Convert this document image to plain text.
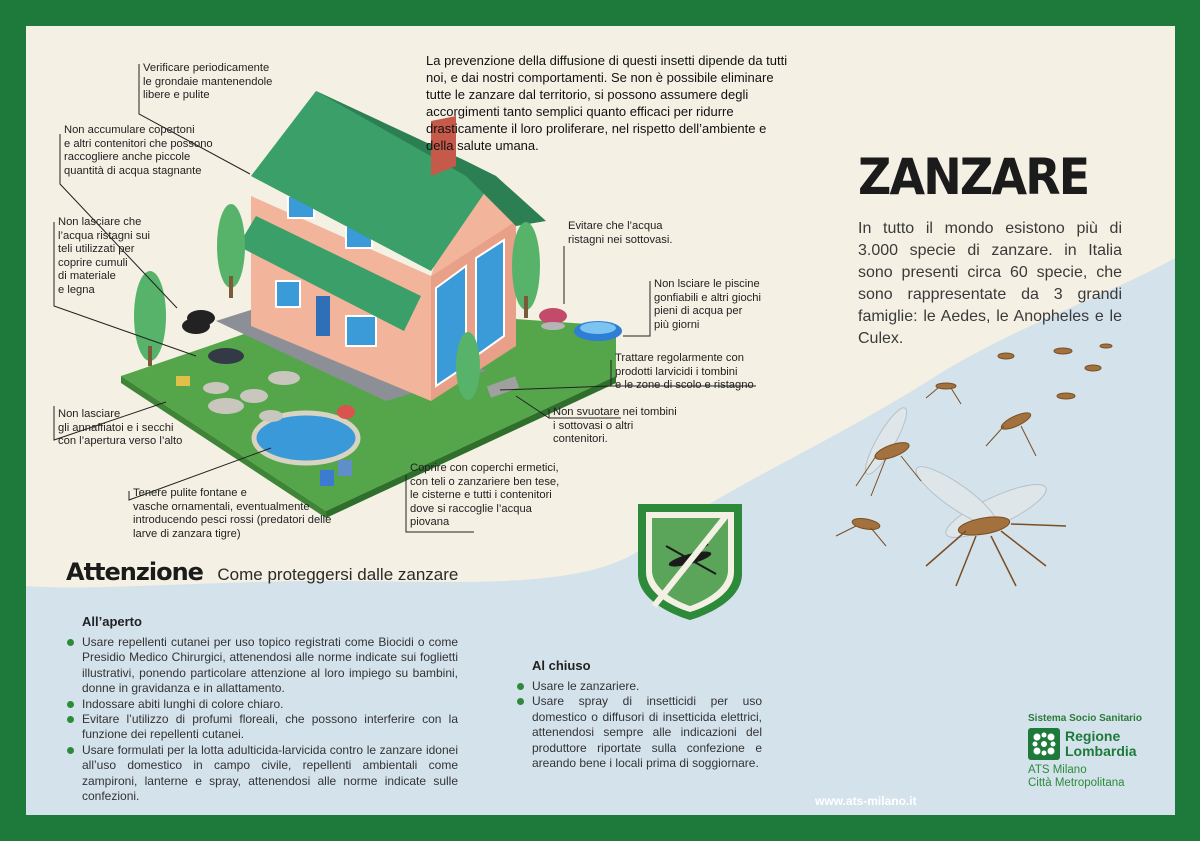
Verificare periodicamente
le grondaie mantenendole
libere e pulite
Non accumulare copertoni
e altri contenitori che possono
raccogliere anche piccole
quantità di acqua stagnante
Non lasciare che
l’acqua ristagni sui
teli utilizzati per
coprire cumuli
di materiale
e legna
Non lasciare
gli annaffiatoi e i secchi
con l’apertura verso l’alto
Tenere pulite fontane e
vasche ornamentali, eventualmente
introducendo pesci rossi (predatori delle
larve di zanzara tigre)
Evitare che l’acqua
ristagni nei sottovasi.
Non lsciare le piscine
gonfiabili e altri giochi
pieni di acqua per
più giorni
Trattare regolarmente con
prodotti larvicidi i tombini
e le zone di scolo e ristagno
Non svuotare nei tombini
i sottovasi o altri
contenitori.
Coprire con coperchi ermetici,
con teli o zanzariere ben tese,
le cisterne e tutti i contenitori
dove si raccoglie l’acqua
piovana
La prevenzione della diffusione di questi insetti dipende da tutti noi, e dai nostri comportamenti. Se non è possibile eliminare tutte le zanzare dal territorio, si possono assumere degli accorgimenti tanto semplici quanto efficaci per ridurre drasticamente il loro proliferare, nel rispetto dell’ambiente e della salute umana.
ZANZARE
In tutto il mondo esistono più di 3.000 specie di zanzare. in Italia sono presenti circa 60 specie, che sono rappresentate da 3 grandi famiglie: le Aedes, le Anopheles e le Culex.
Attenzione Come proteggersi dalle zanzare
All’aperto
Usare repellenti cutanei per uso topico registrati come Biocidi o come Presidio Medico Chirurgici, attenendosi alle norme indicate sui foglietti illustrativi, ponendo particolare attenzione al loro impiego su bambini, donne in gravidanza e in allattamento.
Indossare abiti lunghi di colore chiaro.
Evitare l’utilizzo di profumi floreali, che possono interferire con la funzione dei repellenti cutanei.
Usare formulati per la lotta adulticida-larvicida contro le zanzare idonei all’uso domestico in campo civile, repellenti ambientali come zampironi, lanterne e spray, attenendosi alle norme indicate sulle confezioni.
Al chiuso
Usare le zanzariere.
Usare spray di insetticidi per uso domestico o diffusori di insetticida elettrici, attenendosi sempre alle indicazioni del produttore riportate sulla confezione e areando bene i locali prima di soggiornare.
Sistema Socio Sanitario
Regione
Lombardia
ATS Milano
Città Metropolitana
www.ats-milano.it
